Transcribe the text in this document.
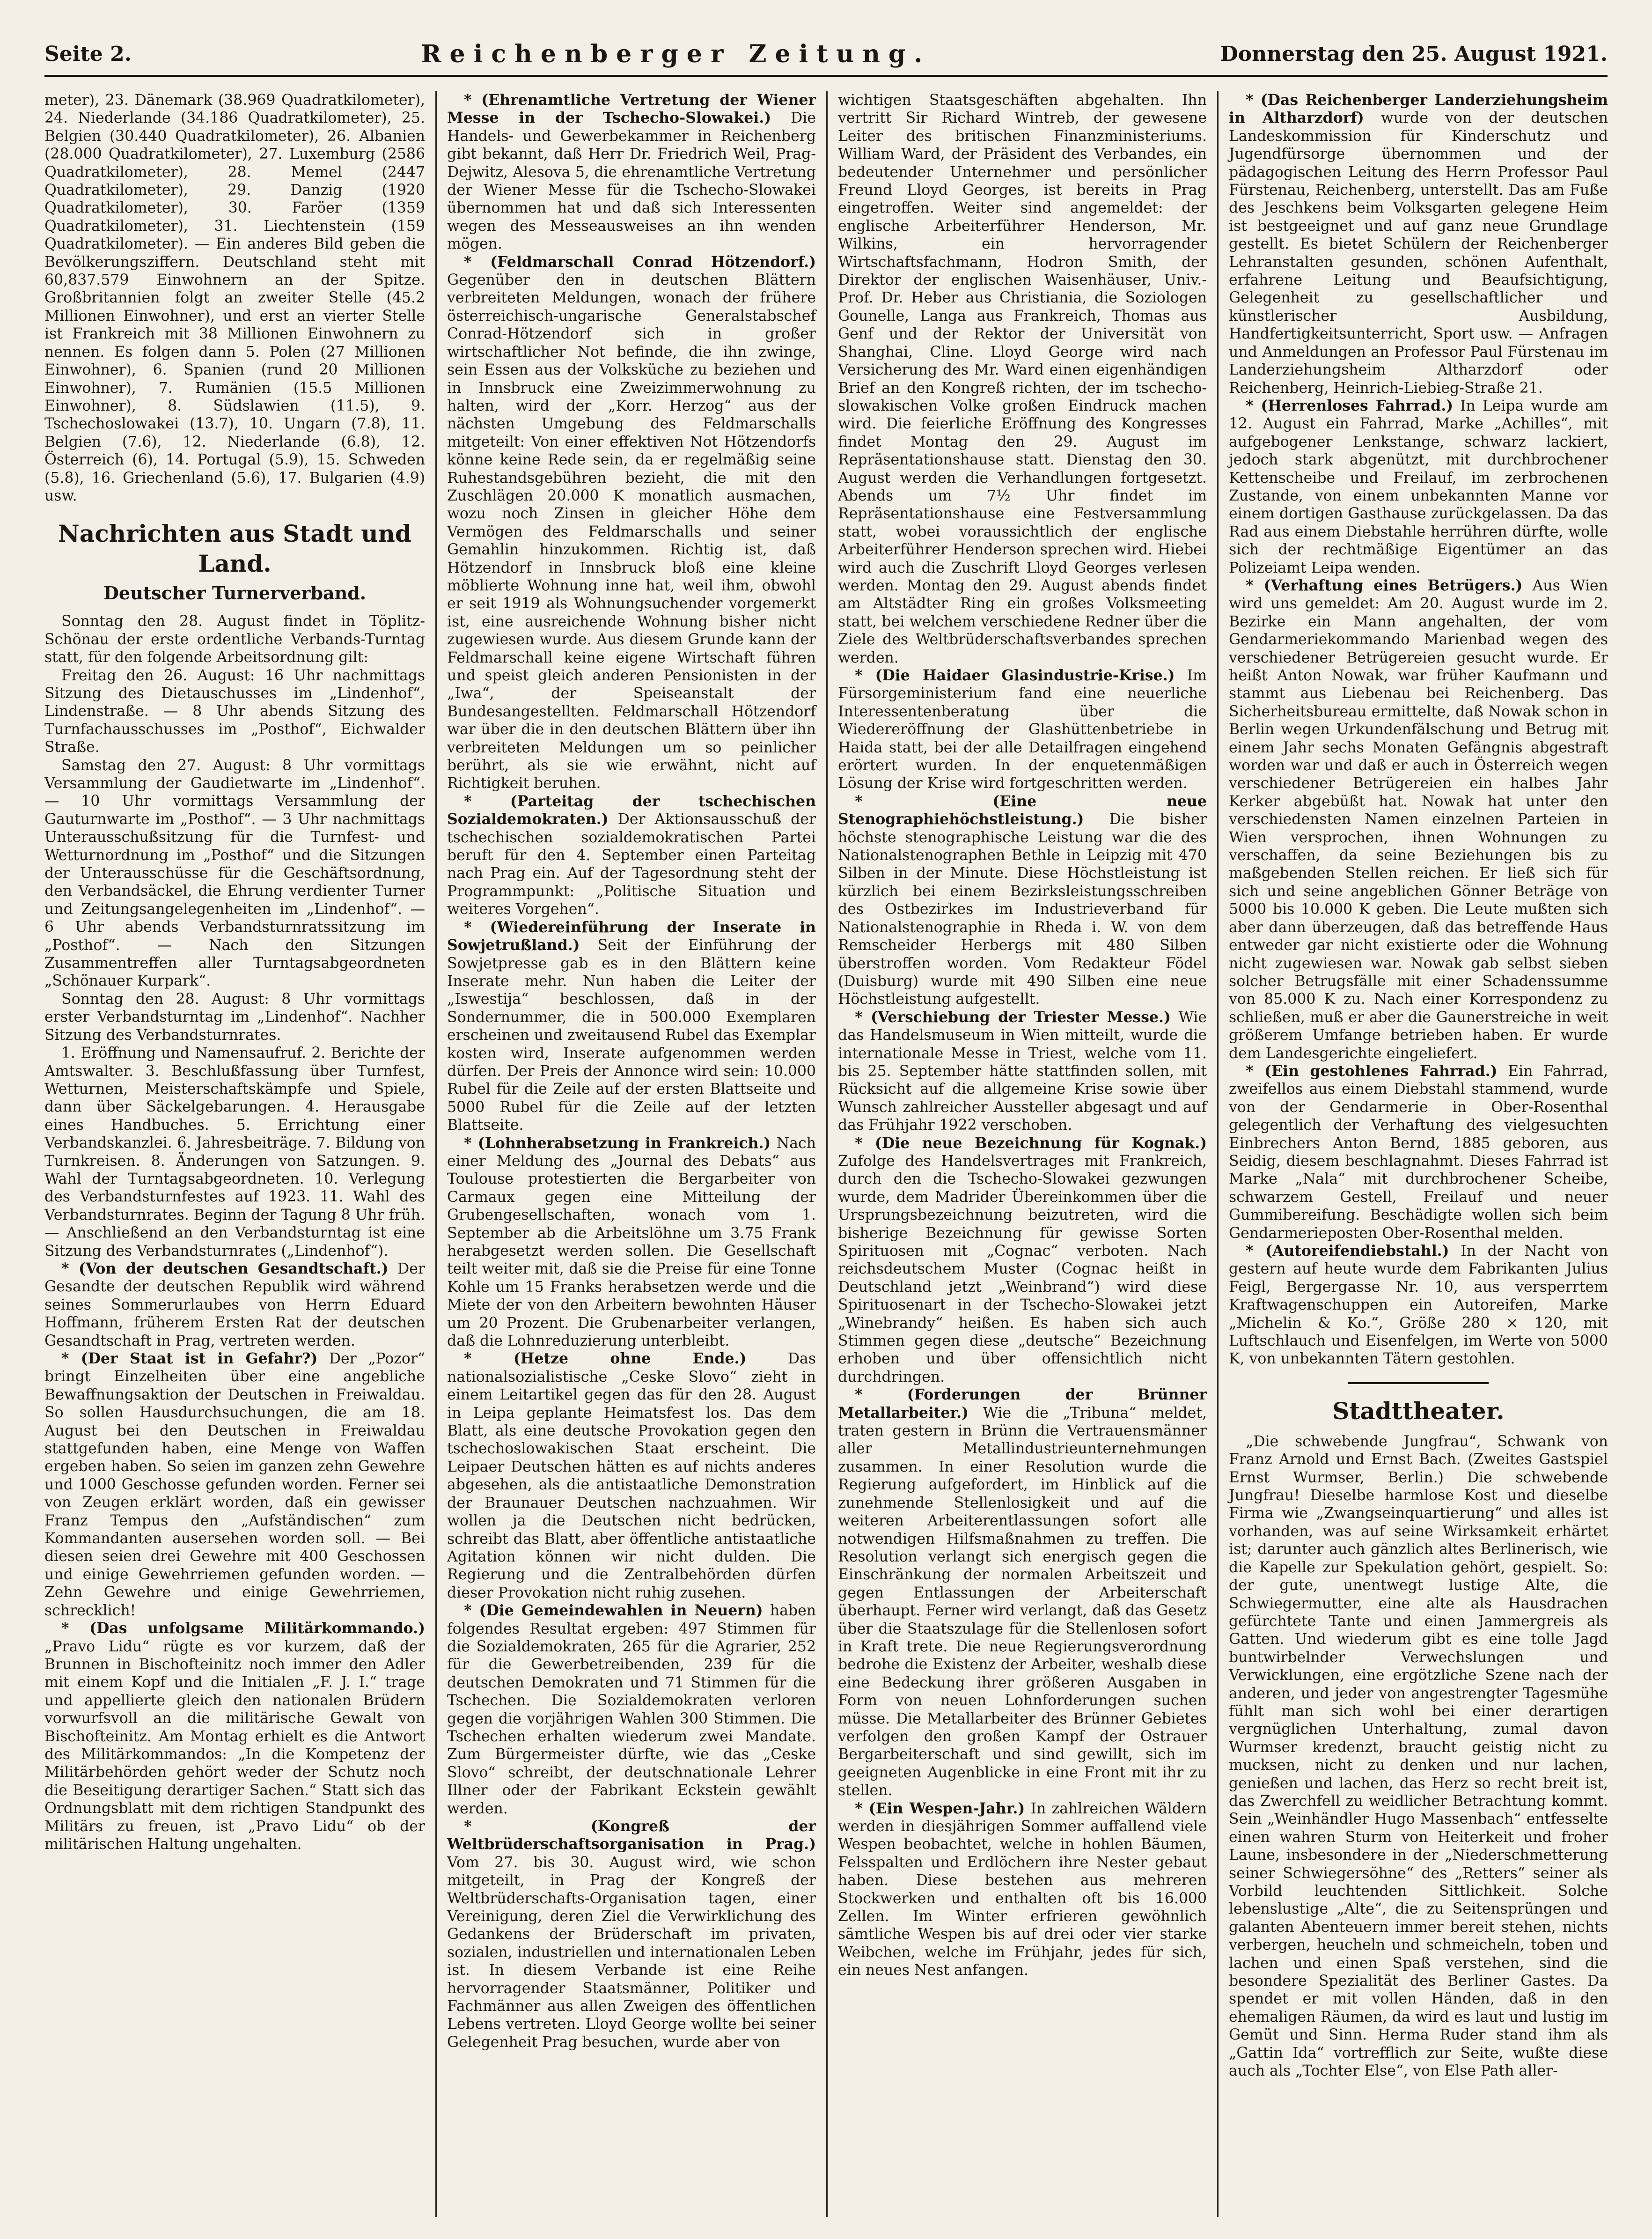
Seite 2.	Reichenberger Zeitung.	Donnerstag den 25. August 1921.

meter), 23. Dänemark (38.969 Quadratkilometer), 24. Niederlande (34.186 Quadratkilometer), 25. Belgien (30.440 Quadratkilometer), 26. Albanien (28.000 Quadratkilometer), 27. Luxemburg (2586 Quadratkilometer), 28. Memel (2447 Quadratkilometer), 29. Danzig (1920 Quadratkilometer), 30. Faröer (1359 Quadratkilometer), 31. Liechtenstein (159 Quadratkilometer). — Ein anderes Bild geben die Bevölkerungsziffern. Deutschland steht mit 60,837.579 Einwohnern an der Spitze. Großbritannien folgt an zweiter Stelle (45.2 Millionen Einwohner), und erst an vierter Stelle ist Frankreich mit 38 Millionen Einwohnern zu nennen. Es folgen dann 5. Polen (27 Millionen Einwohner), 6. Spanien (rund 20 Millionen Einwohner), 7. Rumänien (15.5 Millionen Einwohner), 8. Südslawien (11.5), 9. Tschechoslowakei (13.7), 10. Ungarn (7.8), 11. Belgien (7.6), 12. Niederlande (6.8), 12. Österreich (6), 14. Portugal (5.9), 15. Schweden (5.8), 16. Griechenland (5.6), 17. Bulgarien (4.9) usw.

Nachrichten aus Stadt und Land.
Deutscher Turnerverband.

Sonntag den 28. August findet in Töplitz-Schönau der erste ordentliche Verbands-Turntag statt, für den folgende Arbeitsordnung gilt:

Freitag den 26. August: 16 Uhr nachmittags Sitzung des Dietauschusses im „Lindenhof“, Lindenstraße. — 8 Uhr abends Sitzung des Turnfachausschusses im „Posthof“, Eichwalder Straße.

Samstag den 27. August: 8 Uhr vormittags Versammlung der Gaudietwarte im „Lindenhof“. — 10 Uhr vormittags Versammlung der Gauturnwarte im „Posthof“. — 3 Uhr nachmittags Unterausschußsitzung für die Turnfest- und Wetturnordnung im „Posthof“ und die Sitzungen der Unterausschüsse für die Geschäftsordnung, den Verbandsäckel, die Ehrung verdienter Turner und Zeitungsangelegenheiten im „Lindenhof“. — 6 Uhr abends Verbandsturnratssitzung im „Posthof“. — Nach den Sitzungen Zusammentreffen aller Turntagsabgeordneten „Schönauer Kurpark“.

Sonntag den 28. August: 8 Uhr vormittags erster Verbandsturntag im „Lindenhof“. Nachher Sitzung des Verbandsturnrates.

1. Eröffnung und Namensaufruf. 2. Berichte der Amtswalter. 3. Beschlußfassung über Turnfest, Wetturnen, Meisterschaftskämpfe und Spiele, dann über Säckelgebarungen. 4. Herausgabe eines Handbuches. 5. Errichtung einer Verbandskanzlei. 6. Jahresbeiträge. 7. Bildung von Turnkreisen. 8. Änderungen von Satzungen. 9. Wahl der Turntagsabgeordneten. 10. Verlegung des Verbandsturnfestes auf 1923. 11. Wahl des Verbandsturnrates. Beginn der Tagung 8 Uhr früh. — Anschließend an den Verbandsturntag ist eine Sitzung des Verbandsturnrates („Lindenhof“).

* (Von der deutschen Gesandtschaft.) Der Gesandte der deutschen Republik wird während seines Sommerurlaubes von Herrn Eduard Hoffmann, früherem Ersten Rat der deutschen Gesandtschaft in Prag, vertreten werden.

* (Der Staat ist in Gefahr?) Der „Pozor“ bringt Einzelheiten über eine angebliche Bewaffnungsaktion der Deutschen in Freiwaldau. So sollen Hausdurchsuchungen, die am 18. August bei den Deutschen in Freiwaldau stattgefunden haben, eine Menge von Waffen ergeben haben. So seien im ganzen zehn Gewehre und 1000 Geschosse gefunden worden. Ferner sei von Zeugen erklärt worden, daß ein gewisser Franz Tempus den „Aufständischen“ zum Kommandanten ausersehen worden soll. — Bei diesen seien drei Gewehre mit 400 Geschossen und einige Gewehrriemen gefunden worden. — Zehn Gewehre und einige Gewehrriemen, schrecklich!

* (Das unfolgsame Militärkommando.) „Pravo Lidu“ rügte es vor kurzem, daß der Brunnen in Bischofteinitz noch immer den Adler mit einem Kopf und die Initialen „F. J. I.“ trage und appellierte gleich den nationalen Brüdern vorwurfsvoll an die militärische Gewalt von Bischofteinitz. Am Montag erhielt es die Antwort des Militärkommandos: „In die Kompetenz der Militärbehörden gehört weder der Schutz noch die Beseitigung derartiger Sachen.“ Statt sich das Ordnungsblatt mit dem richtigen Standpunkt des Militärs zu freuen, ist „Pravo Lidu“ ob der militärischen Haltung ungehalten.

* (Ehrenamtliche Vertretung der Wiener Messe in der Tschecho-Slowakei.) Die Handels- und Gewerbekammer in Reichenberg gibt bekannt, daß Herr Dr. Friedrich Weil, Prag-Dejwitz, Alesova 5, die ehrenamtliche Vertretung der Wiener Messe für die Tschecho-Slowakei übernommen hat und daß sich Interessenten wegen des Messeausweises an ihn wenden mögen.

* (Feldmarschall Conrad Hötzendorf.) Gegenüber den in deutschen Blättern verbreiteten Meldungen, wonach der frühere österreichisch-ungarische Generalstabschef Conrad-Hötzendorf sich in großer wirtschaftlicher Not befinde, die ihn zwinge, sein Essen aus der Volksküche zu beziehen und in Innsbruck eine Zweizimmerwohnung zu halten, wird der „Korr. Herzog“ aus der nächsten Umgebung des Feldmarschalls mitgeteilt: Von einer effektiven Not Hötzendorfs könne keine Rede sein, da er regelmäßig seine Ruhestandsgebühren bezieht, die mit den Zuschlägen 20.000 K monatlich ausmachen, wozu noch Zinsen in gleicher Höhe dem Vermögen des Feldmarschalls und seiner Gemahlin hinzukommen. Richtig ist, daß Hötzendorf in Innsbruck bloß eine kleine möblierte Wohnung inne hat, weil ihm, obwohl er seit 1919 als Wohnungsuchender vorgemerkt ist, eine ausreichende Wohnung bisher nicht zugewiesen wurde. Aus diesem Grunde kann der Feldmarschall keine eigene Wirtschaft führen und speist gleich anderen Pensionisten in der „Iwa“, der Speiseanstalt der Bundesangestellten. Feldmarschall Hötzendorf war über die in den deutschen Blättern über ihn verbreiteten Meldungen um so peinlicher berührt, als sie wie erwähnt, nicht auf Richtigkeit beruhen.

* (Parteitag der tschechischen Sozialdemokraten.) Der Aktionsausschuß der tschechischen sozialdemokratischen Partei beruft für den 4. September einen Parteitag nach Prag ein. Auf der Tagesordnung steht der Programmpunkt: „Politische Situation und weiteres Vorgehen“.

* (Wiedereinführung der Inserate in Sowjetrußland.) Seit der Einführung der Sowjetpresse gab es in den Blättern keine Inserate mehr. Nun haben die Leiter der „Iswestija“ beschlossen, daß in der Sondernummer, die in 500.000 Exemplaren erscheinen und zweitausend Rubel das Exemplar kosten wird, Inserate aufgenommen werden dürfen. Der Preis der Annonce wird sein: 10.000 Rubel für die Zeile auf der ersten Blattseite und 5000 Rubel für die Zeile auf der letzten Blattseite.

* (Lohnherabsetzung in Frankreich.) Nach einer Meldung des „Journal des Debats“ aus Toulouse protestierten die Bergarbeiter von Carmaux gegen eine Mitteilung der Grubengesellschaften, wonach vom 1. September ab die Arbeitslöhne um 3.75 Frank herabgesetzt werden sollen. Die Gesellschaft teilt weiter mit, daß sie die Preise für eine Tonne Kohle um 15 Franks herabsetzen werde und die Miete der von den Arbeitern bewohnten Häuser um 20 Prozent. Die Grubenarbeiter verlangen, daß die Lohnreduzierung unterbleibt.

* (Hetze ohne Ende.) Das nationalsozialistische „Ceske Slovo“ zieht in einem Leitartikel gegen das für den 28. August in Leipa geplante Heimatsfest los. Das dem Blatt, als eine deutsche Provokation gegen den tschechoslowakischen Staat erscheint. Die Leipaer Deutschen hätten es auf nichts anderes abgesehen, als die antistaatliche Demonstration der Braunauer Deutschen nachzuahmen. Wir wollen ja die Deutschen nicht bedrücken, schreibt das Blatt, aber öffentliche antistaatliche Agitation können wir nicht dulden. Die Regierung und die Zentralbehörden dürfen dieser Provokation nicht ruhig zusehen.

* (Die Gemeindewahlen in Neuern) haben folgendes Resultat ergeben: 497 Stimmen für die Sozialdemokraten, 265 für die Agrarier, 252 für die Gewerbetreibenden, 239 für die deutschen Demokraten und 71 Stimmen für die Tschechen. Die Sozialdemokraten verloren gegen die vorjährigen Wahlen 300 Stimmen. Die Tschechen erhalten wiederum zwei Mandate. Zum Bürgermeister dürfte, wie das „Ceske Slovo“ schreibt, der deutschnationale Lehrer Illner oder der Fabrikant Eckstein gewählt werden.

* (Kongreß der Weltbrüderschaftsorganisation in Prag.) Vom 27. bis 30. August wird, wie schon mitgeteilt, in Prag der Kongreß der Weltbrüderschafts-Organisation tagen, einer Vereinigung, deren Ziel die Verwirklichung des Gedankens der Brüderschaft im privaten, sozialen, industriellen und internationalen Leben ist. In diesem Verbande ist eine Reihe hervorragender Staatsmänner, Politiker und Fachmänner aus allen Zweigen des öffentlichen Lebens vertreten. Lloyd George wollte bei seiner Gelegenheit Prag besuchen, wurde aber von

wichtigen Staatsgeschäften abgehalten. Ihn vertritt Sir Richard Wintreb, der gewesene Leiter des britischen Finanzministeriums. William Ward, der Präsident des Verbandes, ein bedeutender Unternehmer und persönlicher Freund Lloyd Georges, ist bereits in Prag eingetroffen. Weiter sind angemeldet: der englische Arbeiterführer Henderson, Mr. Wilkins, ein hervorragender Wirtschaftsfachmann, Hodron Smith, der Direktor der englischen Waisenhäuser, Univ.-Prof. Dr. Heber aus Christiania, die Soziologen Gounelle, Langa aus Frankreich, Thomas aus Genf und der Rektor der Universität von Shanghai, Cline. Lloyd George wird nach Versicherung des Mr. Ward einen eigenhändigen Brief an den Kongreß richten, der im tschecho-slowakischen Volke großen Eindruck machen wird. Die feierliche Eröffnung des Kongresses findet Montag den 29. August im Repräsentationshause statt. Dienstag den 30. August werden die Verhandlungen fortgesetzt. Abends um 7½ Uhr findet im Repräsentationshause eine Festversammlung statt, wobei voraussichtlich der englische Arbeiterführer Henderson sprechen wird. Hiebei wird auch die Zuschrift Lloyd Georges verlesen werden. Montag den 29. August abends findet am Altstädter Ring ein großes Volksmeeting statt, bei welchem verschiedene Redner über die Ziele des Weltbrüderschaftsverbandes sprechen werden.

* (Die Haidaer Glasindustrie-Krise.) Im Fürsorgeministerium fand eine neuerliche Interessentenberatung über die Wiedereröffnung der Glashüttenbetriebe in Haida statt, bei der alle Detailfragen eingehend erörtert wurden. In der enquetenmäßigen Lösung der Krise wird fortgeschritten werden.

* (Eine neue Stenographiehöchstleistung.) Die bisher höchste stenographische Leistung war die des Nationalstenographen Bethle in Leipzig mit 470 Silben in der Minute. Diese Höchstleistung ist kürzlich bei einem Bezirksleistungsschreiben des Ostbezirkes im Industrieverband für Nationalstenographie in Rheda i. W. von dem Remscheider Herbergs mit 480 Silben überstroffen worden. Vom Redakteur Födel (Duisburg) wurde mit 490 Silben eine neue Höchstleistung aufgestellt.

* (Verschiebung der Triester Messe.) Wie das Handelsmuseum in Wien mitteilt, wurde die internationale Messe in Triest, welche vom 11. bis 25. September hätte stattfinden sollen, mit Rücksicht auf die allgemeine Krise sowie über Wunsch zahlreicher Aussteller abgesagt und auf das Frühjahr 1922 verschoben.

* (Die neue Bezeichnung für Kognak.) Zufolge des Handelsvertrages mit Frankreich, durch den die Tschecho-Slowakei gezwungen wurde, dem Madrider Übereinkommen über die Ursprungsbezeichnung beizutreten, wird die bisherige Bezeichnung für gewisse Sorten Spirituosen mit „Cognac“ verboten. Nach reichsdeutschem Muster (Cognac heißt in Deutschland jetzt „Weinbrand“) wird diese Spirituosenart in der Tschecho-Slowakei jetzt „Winebrandy“ heißen. Es haben sich auch Stimmen gegen diese „deutsche“ Bezeichnung erhoben und über offensichtlich nicht durchdringen.

* (Forderungen der Brünner Metallarbeiter.) Wie die „Tribuna“ meldet, traten gestern in Brünn die Vertrauensmänner aller Metallindustrieunternehmungen zusammen. In einer Resolution wurde die Regierung aufgefordert, im Hinblick auf die zunehmende Stellenlosigkeit und auf die weiteren Arbeiterentlassungen sofort alle notwendigen Hilfsmaßnahmen zu treffen. Die Resolution verlangt sich energisch gegen die Einschränkung der normalen Arbeitszeit und gegen Entlassungen der Arbeiterschaft überhaupt. Ferner wird verlangt, daß das Gesetz über die Staatszulage für die Stellenlosen sofort in Kraft trete. Die neue Regierungsverordnung bedrohe die Existenz der Arbeiter, weshalb diese eine Bedeckung ihrer größeren Ausgaben in Form von neuen Lohnforderungen suchen müsse. Die Metallarbeiter des Brünner Gebietes verfolgen den großen Kampf der Ostrauer Bergarbeiterschaft und sind gewillt, sich im geeigneten Augenblicke in eine Front mit ihr zu stellen.

* (Ein Wespen-Jahr.) In zahlreichen Wäldern werden in diesjährigen Sommer auffallend viele Wespen beobachtet, welche in hohlen Bäumen, Felsspalten und Erdlöchern ihre Nester gebaut haben. Diese bestehen aus mehreren Stockwerken und enthalten oft bis 16.000 Zellen. Im Winter erfrieren gewöhnlich sämtliche Wespen bis auf drei oder vier starke Weibchen, welche im Frühjahr, jedes für sich, ein neues Nest anfangen.

* (Das Reichenberger Landerziehungsheim in Altharzdorf) wurde von der deutschen Landeskommission für Kinderschutz und Jugendfürsorge übernommen und der pädagogischen Leitung des Herrn Professor Paul Fürstenau, Reichenberg, unterstellt. Das am Fuße des Jeschkens beim Volksgarten gelegene Heim ist bestgeeignet und auf ganz neue Grundlage gestellt. Es bietet Schülern der Reichenberger Lehranstalten gesunden, schönen Aufenthalt, erfahrene Leitung und Beaufsichtigung, Gelegenheit zu gesellschaftlicher und künstlerischer Ausbildung, Handfertigkeitsunterricht, Sport usw. — Anfragen und Anmeldungen an Professor Paul Fürstenau im Landerziehungsheim Altharzdorf oder Reichenberg, Heinrich-Liebieg-Straße 21.

* (Herrenloses Fahrrad.) In Leipa wurde am 12. August ein Fahrrad, Marke „Achilles“, mit aufgebogener Lenkstange, schwarz lackiert, jedoch stark abgenützt, mit durchbrochener Kettenscheibe und Freilauf, im zerbrochenen Zustande, von einem unbekannten Manne vor einem dortigen Gasthause zurückgelassen. Da das Rad aus einem Diebstahle herrühren dürfte, wolle sich der rechtmäßige Eigentümer an das Polizeiamt Leipa wenden.

* (Verhaftung eines Betrügers.) Aus Wien wird uns gemeldet: Am 20. August wurde im 2. Bezirke ein Mann angehalten, der vom Gendarmeriekommando Marienbad wegen des verschiedener Betrügereien gesucht wurde. Er heißt Anton Nowak, war früher Kaufmann und stammt aus Liebenau bei Reichenberg. Das Sicherheitsbureau ermittelte, daß Nowak schon in Berlin wegen Urkundenfälschung und Betrug mit einem Jahr sechs Monaten Gefängnis abgestraft worden war und daß er auch in Österreich wegen verschiedener Betrügereien ein halbes Jahr Kerker abgebüßt hat. Nowak hat unter den verschiedensten Namen einzelnen Parteien in Wien versprochen, ihnen Wohnungen zu verschaffen, da seine Beziehungen bis zu maßgebenden Stellen reichen. Er ließ sich für sich und seine angeblichen Gönner Beträge von 5000 bis 10.000 K geben. Die Leute mußten sich aber dann überzeugen, daß das betreffende Haus entweder gar nicht existierte oder die Wohnung nicht zugewiesen war. Nowak gab selbst sieben solcher Betrugsfälle mit einer Schadenssumme von 85.000 K zu. Nach einer Korrespondenz zu schließen, muß er aber die Gaunerstreiche in weit größerem Umfange betrieben haben. Er wurde dem Landesgerichte eingeliefert.

* (Ein gestohlenes Fahrrad.) Ein Fahrrad, zweifellos aus einem Diebstahl stammend, wurde von der Gendarmerie in Ober-Rosenthal gelegentlich der Verhaftung des vielgesuchten Einbrechers Anton Bernd, 1885 geboren, aus Seidig, diesem beschlagnahmt. Dieses Fahrrad ist Marke „Nala“ mit durchbrochener Scheibe, schwarzem Gestell, Freilauf und neuer Gummibereifung. Beschädigte wollen sich beim Gendarmerieposten Ober-Rosenthal melden.

* (Autoreifendiebstahl.) In der Nacht von gestern auf heute wurde dem Fabrikanten Julius Feigl, Bergergasse Nr. 10, aus versperrtem Kraftwagenschuppen ein Autoreifen, Marke „Michelin & Ko.“, Größe 280 × 120, mit Luftschlauch und Eisenfelgen, im Werte von 5000 K, von unbekannten Tätern gestohlen.

Stadttheater.

„Die schwebende Jungfrau“, Schwank von Franz Arnold und Ernst Bach. (Zweites Gastspiel Ernst Wurmser, Berlin.) Die schwebende Jungfrau! Dieselbe harmlose Kost und dieselbe Firma wie „Zwangseinquartierung“ und alles ist vorhanden, was auf seine Wirksamkeit erhärtet ist; darunter auch gänzlich altes Berlinerisch, wie die Kapelle zur Spekulation gehört, gespielt. So: der gute, unentwegt lustige Alte, die Schwiegermutter, eine alte als Hausdrachen gefürchtete Tante und einen Jammergreis als Gatten. Und wiederum gibt es eine tolle Jagd buntwirbelnder Verwechslungen und Verwicklungen, eine ergötzliche Szene nach der anderen, und jeder von angestrengter Tagesmühe fühlt man sich wohl bei einer derartigen vergnüglichen Unterhaltung, zumal davon Wurmser kredenzt, braucht geistig nicht zu mucksen, nicht zu denken und nur lachen, genießen und lachen, das Herz so recht breit ist, das Zwerchfell zu weidlicher Betrachtung kommt. Sein „Weinhändler Hugo Massenbach“ entfesselte einen wahren Sturm von Heiterkeit und froher Laune, insbesondere in der „Niederschmetterung seiner Schwiegersöhne“ des „Retters“ seiner als Vorbild leuchtenden Sittlichkeit. Solche lebenslustige „Alte“, die zu Seitensprüngen und galanten Abenteuern immer bereit stehen, nichts verbergen, heucheln und schmeicheln, toben und lachen und einen Spaß verstehen, sind die besondere Spezialität des Berliner Gastes. Da spendet er mit vollen Händen, daß in den ehemaligen Räumen, da wird es laut und lustig im Gemüt und Sinn. Herma Ruder stand ihm als „Gattin Ida“ vortrefflich zur Seite, wußte diese auch als „Tochter Else“, von Else Path aller-
